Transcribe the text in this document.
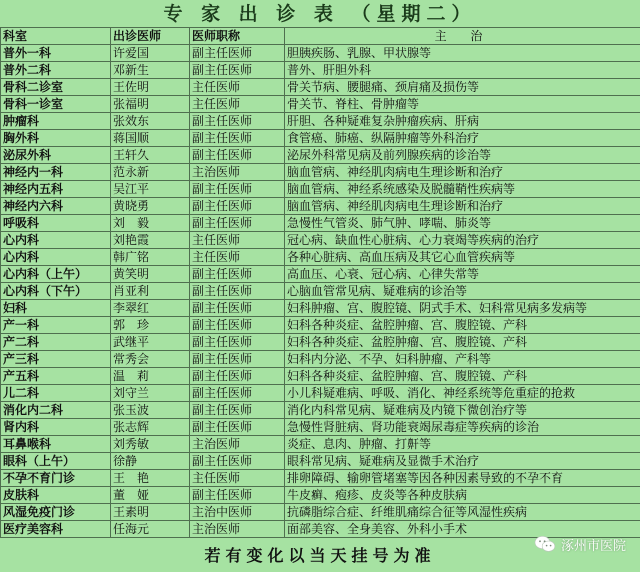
专 家 出 诊 表 （星期二）
科室	出诊医师	医师职称	主 治
普外一科	许爱国	副主任医师	胆胰疾肠、乳腺、甲状腺等
普外二科	邓新生	副主任医师	普外、肝胆外科
骨科二诊室	王佐明	主任医师	骨关节病、腰腿痛、颈肩痛及损伤等
骨科一诊室	张福明	主任医师	骨关节、脊柱、骨肿瘤等
肿瘤科	张效东	副主任医师	肝胆、各种疑难复杂肿瘤疾病、肝病
胸外科	蒋国顺	副主任医师	食管癌、肺癌、纵隔肿瘤等外科治疗
泌尿外科	王轩久	副主任医师	泌尿外科常见病及前列腺疾病的诊治等
神经内一科	范永新	主治医师	脑血管病、神经肌肉病电生理诊断和治疗
神经内五科	吴江平	副主任医师	脑血管病、神经系统感染及脱髓鞘性疾病等
神经内六科	黄晓勇	副主任医师	脑血管病、神经肌肉病电生理诊断和治疗
呼吸科	刘　毅	副主任医师	急慢性气管炎、肺气肿、哮喘、肺炎等
心内科	刘艳霞	主任医师	冠心病、缺血性心脏病、心力衰竭等疾病的治疗
心内科	韩广铭	主任医师	各种心脏病、高血压病及其它心血管疾病等
心内科（上午）	黄笑明	副主任医师	高血压、心衰、冠心病、心律失常等
心内科（下午）	肖亚利	副主任医师	心脑血管常见病、疑难病的诊治等
妇科	李翠红	副主任医师	妇科肿瘤、宫、腹腔镜、阴式手术、妇科常见病多发病等
产一科	郭　珍	副主任医师	妇科各种炎症、盆腔肿瘤、宫、腹腔镜、产科
产二科	武继平	副主任医师	妇科各种炎症、盆腔肿瘤、宫、腹腔镜、产科
产三科	常秀会	副主任医师	妇科内分泌、不孕、妇科肿瘤、产科等
产五科	温　莉	副主任医师	妇科各种炎症、盆腔肿瘤、宫、腹腔镜、产科
儿二科	刘守兰	副主任医师	小儿科疑难病、呼吸、消化、神经系统等危重症的抢救
消化内二科	张玉波	副主任医师	消化内科常见病、疑难病及内镜下微创治疗等
肾内科	张志辉	副主任医师	急慢性肾脏病、肾功能衰竭尿毒症等疾病的诊治
耳鼻喉科	刘秀敏	主治医师	炎症、息肉、肿瘤、打鼾等
眼科（上午）	徐静	副主任医师	眼科常见病、疑难病及显微手术治疗
不孕不育门诊	王　艳	主任医师	排卵障碍、输卵管堵塞等因各种因素导致的不孕不育
皮肤科	董　娅	副主任医师	牛皮癣、疱疹、皮炎等各种皮肤病
风湿免疫门诊	王素明	主治中医师	抗磷脂综合症、纤维肌痛综合征等风湿性疾病
医疗美容科	任海元	主治医师	面部美容、全身美容、外科小手术
若有变化以当天挂号为准	涿州市医院
